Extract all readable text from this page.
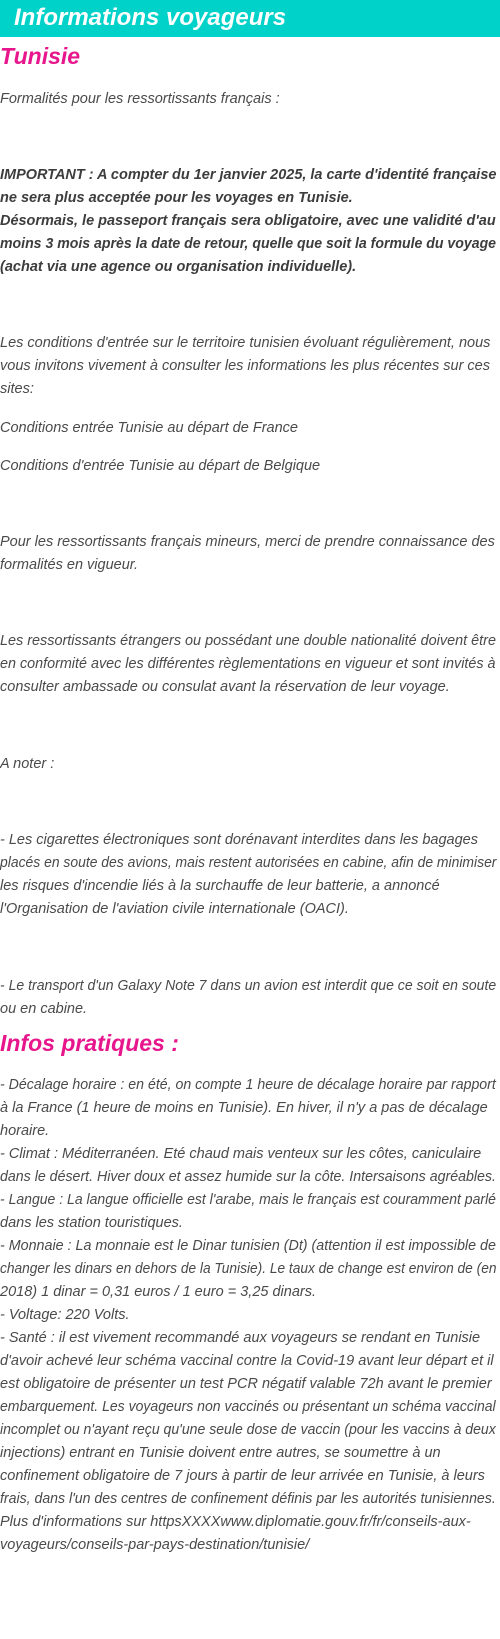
Informations voyageurs
Tunisie
Formalités pour les ressortissants français :
IMPORTANT : A compter du 1er janvier 2025, la carte d'identité française
ne sera plus acceptée pour les voyages en Tunisie.
Désormais, le passeport français sera obligatoire, avec une validité d'au
moins 3 mois après la date de retour, quelle que soit la formule du voyage
(achat via une agence ou organisation individuelle).
Les conditions d'entrée sur le territoire tunisien évoluant régulièrement, nous
vous invitons vivement à consulter les informations les plus récentes sur ces
sites:
Conditions entrée Tunisie au départ de France
Conditions d'entrée Tunisie au départ de Belgique
Pour les ressortissants français mineurs, merci de prendre connaissance des
formalités en vigueur.
Les ressortissants étrangers ou possédant une double nationalité doivent être
en conformité avec les différentes règlementations en vigueur et sont invités à
consulter ambassade ou consulat avant la réservation de leur voyage.
A noter :
- Les cigarettes électroniques sont dorénavant interdites dans les bagages
placés en soute des avions, mais restent autorisées en cabine, afin de minimiser
les risques d'incendie liés à la surchauffe de leur batterie, a annoncé
l'Organisation de l'aviation civile internationale (OACI).
- Le transport d'un Galaxy Note 7 dans un avion est interdit que ce soit en soute
ou en cabine.
Infos pratiques :
- Décalage horaire : en été, on compte 1 heure de décalage horaire par rapport
à la France (1 heure de moins en Tunisie). En hiver, il n'y a pas de décalage
horaire.
- Climat : Méditerranéen. Eté chaud mais venteux sur les côtes, caniculaire
dans le désert. Hiver doux et assez humide sur la côte. Intersaisons agréables.
- Langue : La langue officielle est l'arabe, mais le français est couramment parlé
dans les station touristiques.
- Monnaie : La monnaie est le Dinar tunisien (Dt) (attention il est impossible de
changer les dinars en dehors de la Tunisie). Le taux de change est environ de (en
2018) 1 dinar = 0,31 euros / 1 euro = 3,25 dinars.
- Voltage: 220 Volts.
- Santé : il est vivement recommandé aux voyageurs se rendant en Tunisie
d'avoir achevé leur schéma vaccinal contre la Covid-19 avant leur départ et il
est obligatoire de présenter un test PCR négatif valable 72h avant le premier
embarquement. Les voyageurs non vaccinés ou présentant un schéma vaccinal
incomplet ou n'ayant reçu qu'une seule dose de vaccin (pour les vaccins à deux
injections) entrant en Tunisie doivent entre autres, se soumettre à un
confinement obligatoire de 7 jours à partir de leur arrivée en Tunisie, à leurs
frais, dans l'un des centres de confinement définis par les autorités tunisiennes.
Plus d'informations sur httpsXXXXwww.diplomatie.gouv.fr/fr/conseils-aux-
voyageurs/conseils-par-pays-destination/tunisie/
